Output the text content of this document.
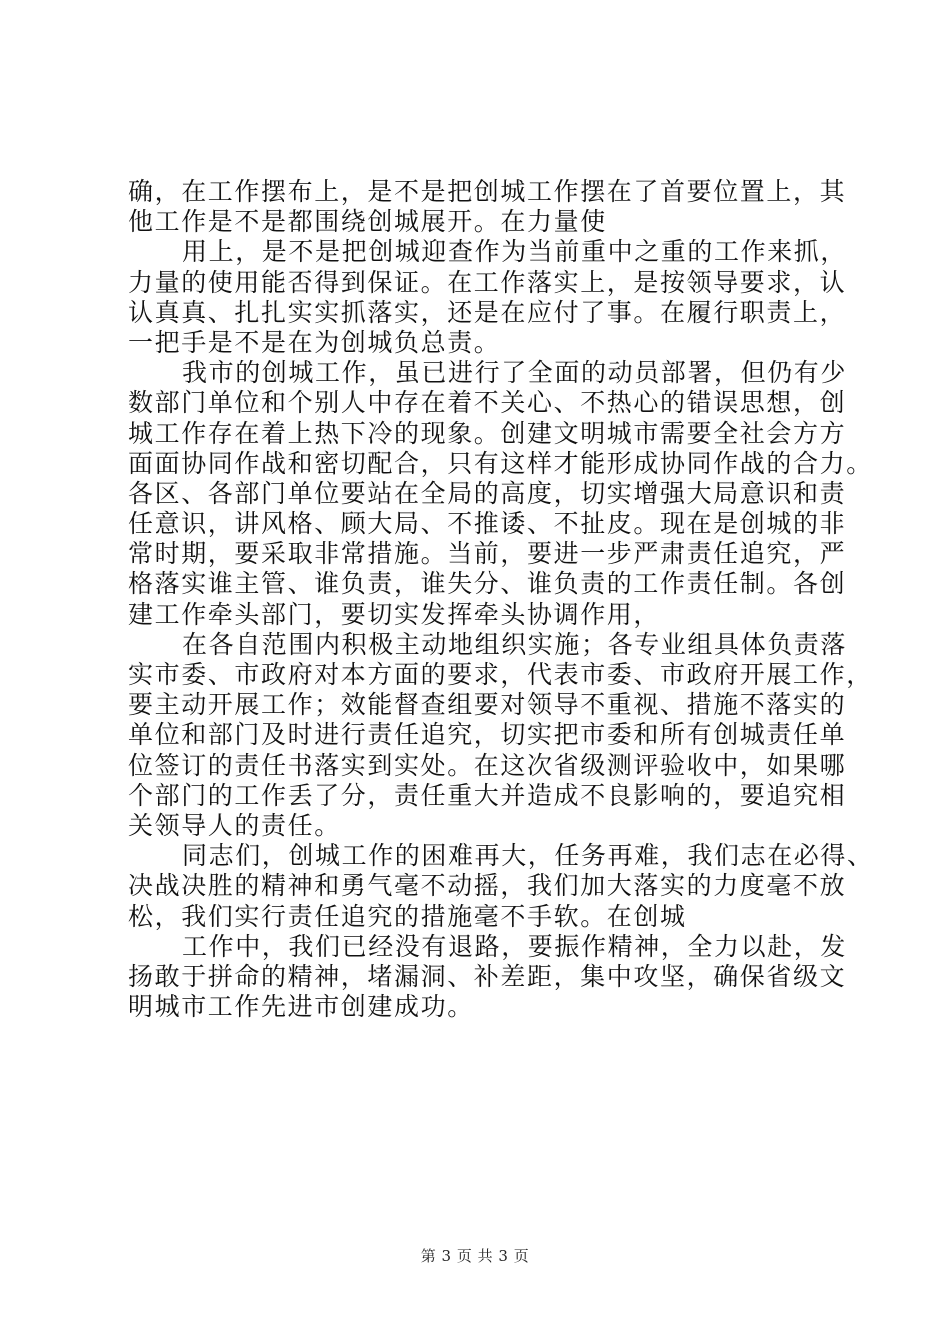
确，在工作摆布上，是不是把创城工作摆在了首要位置上，其
他工作是不是都围绕创城展开。在力量使
用上，是不是把创城迎查作为当前重中之重的工作来抓，
力量的使用能否得到保证。在工作落实上，是按领导要求，认
认真真、扎扎实实抓落实，还是在应付了事。在履行职责上，
一把手是不是在为创城负总责。
我市的创城工作，虽已进行了全面的动员部署，但仍有少
数部门单位和个别人中存在着不关心、不热心的错误思想，创
城工作存在着上热下冷的现象。创建文明城市需要全社会方方
面面协同作战和密切配合，只有这样才能形成协同作战的合力。
各区、各部门单位要站在全局的高度，切实增强大局意识和责
任意识，讲风格、顾大局、不推诿、不扯皮。现在是创城的非
常时期，要采取非常措施。当前，要进一步严肃责任追究，严
格落实谁主管、谁负责，谁失分、谁负责的工作责任制。各创
建工作牵头部门，要切实发挥牵头协调作用，
在各自范围内积极主动地组织实施；各专业组具体负责落
实市委、市政府对本方面的要求，代表市委、市政府开展工作，
要主动开展工作；效能督查组要对领导不重视、措施不落实的
单位和部门及时进行责任追究，切实把市委和所有创城责任单
位签订的责任书落实到实处。在这次省级测评验收中，如果哪
个部门的工作丢了分，责任重大并造成不良影响的，要追究相
关领导人的责任。
同志们，创城工作的困难再大，任务再难，我们志在必得、
决战决胜的精神和勇气毫不动摇，我们加大落实的力度毫不放
松，我们实行责任追究的措施毫不手软。在创城
工作中，我们已经没有退路，要振作精神，全力以赴，发
扬敢于拼命的精神，堵漏洞、补差距，集中攻坚，确保省级文
明城市工作先进市创建成功。
第 3 页 共 3 页
